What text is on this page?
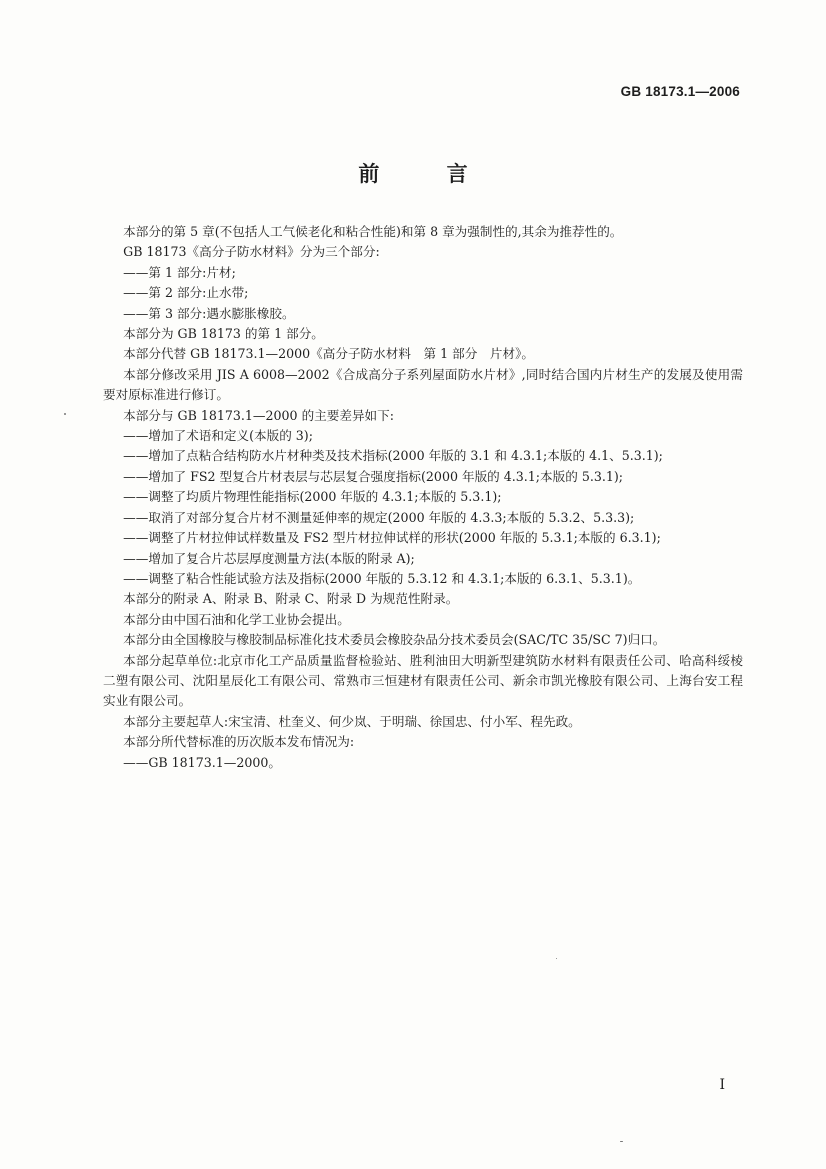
GB 18173.1—2006
前 言

本部分的第 5 章(不包括人工气候老化和粘合性能)和第 8 章为强制性的,其余为推荐性的。

GB 18173《高分子防水材料》分为三个部分:

——第 1 部分:片材;

——第 2 部分:止水带;

——第 3 部分:遇水膨胀橡胶。

本部分为 GB 18173 的第 1 部分。

本部分代替 GB 18173.1—2000《高分子防水材料　第 1 部分　片材》。

本部分修改采用 JIS A 6008—2002《合成高分子系列屋面防水片材》,同时结合国内片材生产的发展及使用需要对原标准进行修订。

本部分与 GB 18173.1—2000 的主要差异如下:

——增加了术语和定义(本版的 3);

——增加了点粘合结构防水片材种类及技术指标(2000 年版的 3.1 和 4.3.1;本版的 4.1、5.3.1);

——增加了 FS2 型复合片材表层与芯层复合强度指标(2000 年版的 4.3.1;本版的 5.3.1);

——调整了均质片物理性能指标(2000 年版的 4.3.1;本版的 5.3.1);

——取消了对部分复合片材不测量延伸率的规定(2000 年版的 4.3.3;本版的 5.3.2、5.3.3);

——调整了片材拉伸试样数量及 FS2 型片材拉伸试样的形状(2000 年版的 5.3.1;本版的 6.3.1);

——增加了复合片芯层厚度测量方法(本版的附录 A);

——调整了粘合性能试验方法及指标(2000 年版的 5.3.12 和 4.3.1;本版的 6.3.1、5.3.1)。

本部分的附录 A、附录 B、附录 C、附录 D 为规范性附录。

本部分由中国石油和化学工业协会提出。

本部分由全国橡胶与橡胶制品标准化技术委员会橡胶杂品分技术委员会(SAC/TC 35/SC 7)归口。

本部分起草单位:北京市化工产品质量监督检验站、胜利油田大明新型建筑防水材料有限责任公司、哈高科绥棱二塑有限公司、沈阳星辰化工有限公司、常熟市三恒建材有限责任公司、新余市凯光橡胶有限公司、上海台安工程实业有限公司。

本部分主要起草人:宋宝清、杜奎义、何少岚、于明瑞、徐国忠、付小军、程先政。

本部分所代替标准的历次版本发布情况为:

——GB 18173.1—2000。

I
